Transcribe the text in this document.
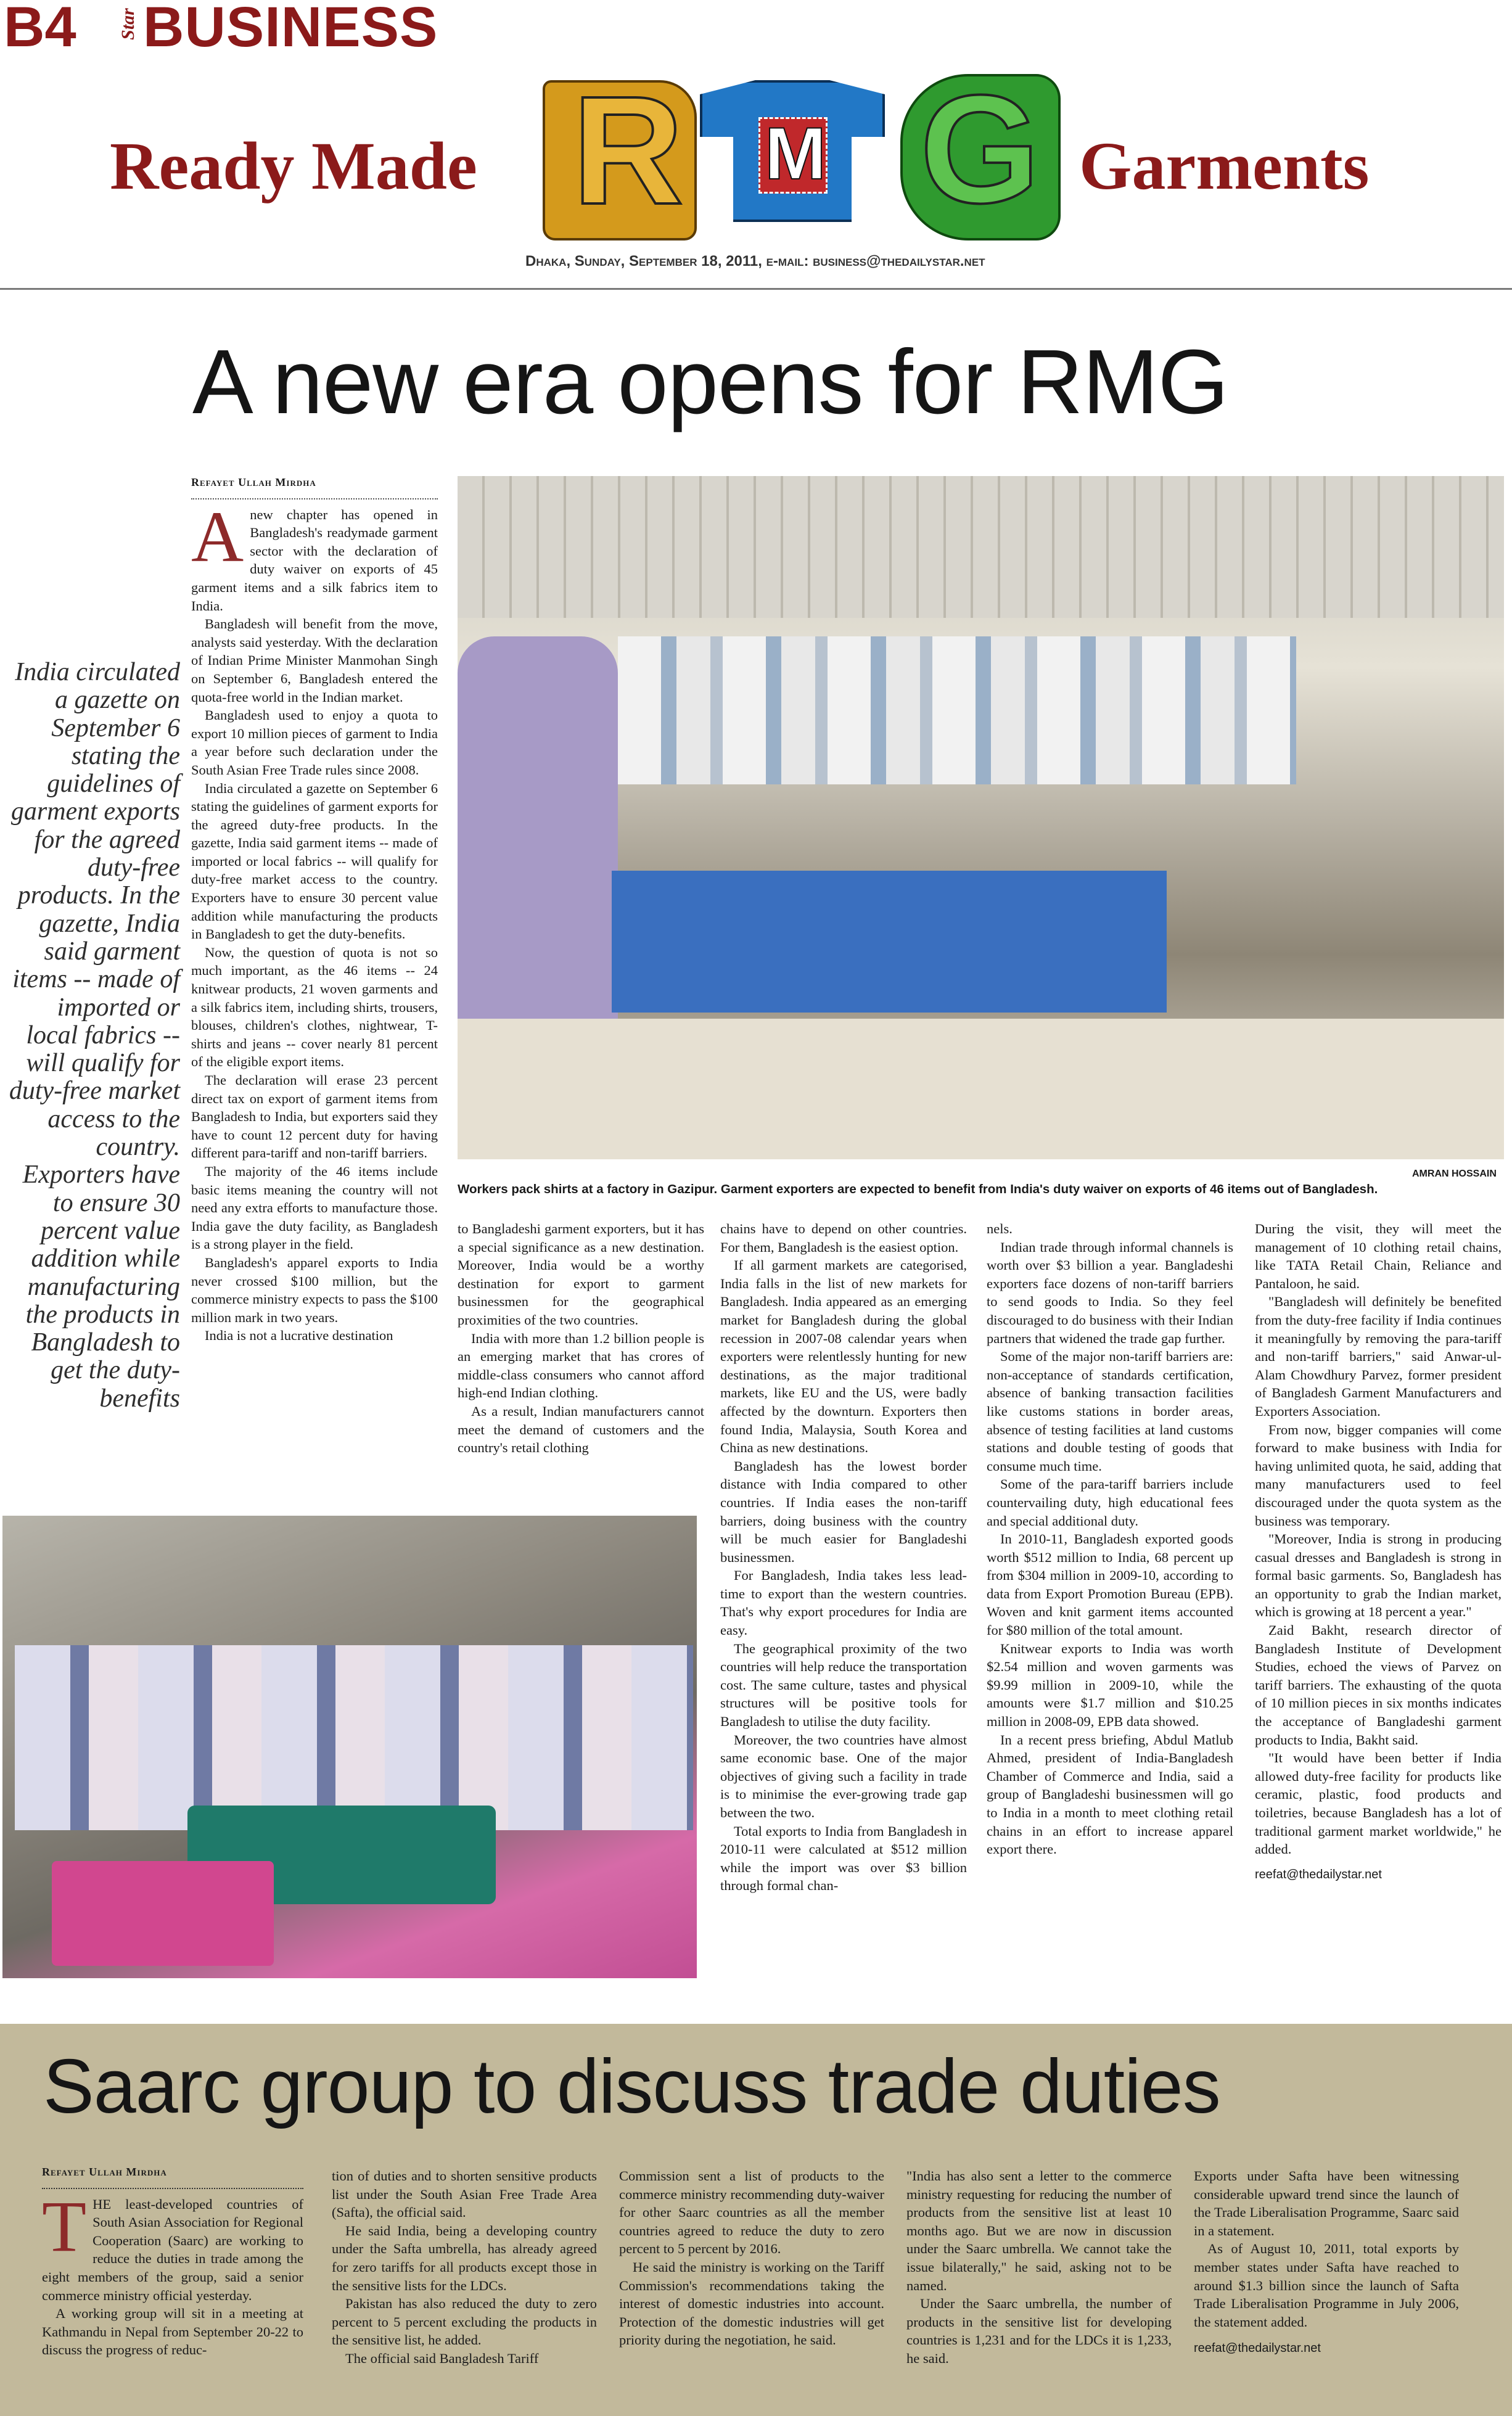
B4 Star BUSINESS
Ready Made	Garments
R M G
Dhaka, Sunday, September 18, 2011, e-mail: business@thedailystar.net
A new era opens for RMG
Refayet Ullah Mirdha

Anew chapter has opened in Bangladesh's readymade garment sector with the declaration of duty waiver on exports of 45 garment items and a silk fabrics item to India.

Bangladesh will benefit from the move, analysts said yesterday. With the declaration of Indian Prime Minister Manmohan Singh on September 6, Bangladesh entered the quota-free world in the Indian market.

Bangladesh used to enjoy a quota to export 10 million pieces of garment to India a year before such declaration under the South Asian Free Trade rules since 2008.

India circulated a gazette on September 6 stating the guidelines of garment exports for the agreed duty-free products. In the gazette, India said garment items -- made of imported or local fabrics -- will qualify for duty-free market access to the country. Exporters have to ensure 30 percent value addition while manufacturing the products in Bangladesh to get the duty-benefits.

Now, the question of quota is not so much important, as the 46 items -- 24 knitwear products, 21 woven garments and a silk fabrics item, including shirts, trousers, blouses, children's clothes, nightwear, T-shirts and jeans -- cover nearly 81 percent of the eligible export items.

The declaration will erase 23 percent direct tax on export of garment items from Bangladesh to India, but exporters said they have to count 12 percent duty for having different para-tariff and non-tariff barriers.

The majority of the 46 items include basic items meaning the country will not need any extra efforts to manufacture those. India gave the duty facility, as Bangladesh is a strong player in the field.

Bangladesh's apparel exports to India never crossed $100 million, but the commerce ministry expects to pass the $100 million mark in two years.

India is not a lucrative destination

India circulated a gazette on September 6 stating the guidelines of garment exports for the agreed duty-free products. In the gazette, India said garment items -- made of imported or local fabrics -- will qualify for duty-free market access to the country. Exporters have to ensure 30 percent value addition while manufacturing the products in Bangladesh to get the duty-benefits
AMRAN HOSSAIN
Workers pack shirts at a factory in Gazipur. Garment exporters are expected to benefit from India's duty waiver on exports of 46 items out of Bangladesh.

to Bangladeshi garment exporters, but it has a special significance as a new destination. Moreover, India would be a worthy destination for export to garment businessmen for the geographical proximities of the two countries.

India with more than 1.2 billion people is an emerging market that has crores of middle-class consumers who cannot afford high-end Indian clothing.

As a result, Indian manufacturers cannot meet the demand of customers and the country's retail clothing

chains have to depend on other countries. For them, Bangladesh is the easiest option.

If all garment markets are categorised, India falls in the list of new markets for Bangladesh. India appeared as an emerging market for Bangladesh during the global recession in 2007-08 calendar years when exporters were relentlessly hunting for new destinations, as the major traditional markets, like EU and the US, were badly affected by the downturn. Exporters then found India, Malaysia, South Korea and China as new destinations.

Bangladesh has the lowest border distance with India compared to other countries. If India eases the non-tariff barriers, doing business with the country will be much easier for Bangladeshi businessmen.

For Bangladesh, India takes less lead-time to export than the western countries. That's why export procedures for India are easy.

The geographical proximity of the two countries will help reduce the transportation cost. The same culture, tastes and physical structures will be positive tools for Bangladesh to utilise the duty facility.

Moreover, the two countries have almost same economic base. One of the major objectives of giving such a facility in trade is to minimise the ever-growing trade gap between the two.

Total exports to India from Bangladesh in 2010-11 were calculated at $512 million while the import was over $3 billion through formal chan-

nels.

Indian trade through informal channels is worth over $3 billion a year. Bangladeshi exporters face dozens of non-tariff barriers to send goods to India. So they feel discouraged to do business with their Indian partners that widened the trade gap further.

Some of the major non-tariff barriers are: non-acceptance of standards certification, absence of banking transaction facilities like customs stations in border areas, absence of testing facilities at land customs stations and double testing of goods that consume much time.

Some of the para-tariff barriers include countervailing duty, high educational fees and special additional duty.

In 2010-11, Bangladesh exported goods worth $512 million to India, 68 percent up from $304 million in 2009-10, according to data from Export Promotion Bureau (EPB). Woven and knit garment items accounted for $80 million of the total amount.

Knitwear exports to India was worth $2.54 million and woven garments was $9.99 million in 2009-10, while the amounts were $1.7 million and $10.25 million in 2008-09, EPB data showed.

In a recent press briefing, Abdul Matlub Ahmed, president of India-Bangladesh Chamber of Commerce and India, said a group of Bangladeshi businessmen will go to India in a month to meet clothing retail chains in an effort to increase apparel export there.

During the visit, they will meet the management of 10 clothing retail chains, like TATA Retail Chain, Reliance and Pantaloon, he said.

"Bangladesh will definitely be benefited from the duty-free facility if India continues it meaningfully by removing the para-tariff and non-tariff barriers," said Anwar-ul-Alam Chowdhury Parvez, former president of Bangladesh Garment Manufacturers and Exporters Association.

From now, bigger companies will come forward to make business with India for having unlimited quota, he said, adding that many manufacturers used to feel discouraged under the quota system as the business was temporary.

"Moreover, India is strong in producing casual dresses and Bangladesh is strong in formal basic garments. So, Bangladesh has an opportunity to grab the Indian market, which is growing at 18 percent a year."

Zaid Bakht, research director of Bangladesh Institute of Development Studies, echoed the views of Parvez on tariff barriers. The exhausting of the quota of 10 million pieces in six months indicates the acceptance of Bangladeshi garment products to India, Bakht said.

"It would have been better if India allowed duty-free facility for products like ceramic, plastic, food products and toiletries, because Bangladesh has a lot of traditional garment market worldwide," he added.

reefat@thedailystar.net

Saarc group to discuss trade duties
Refayet Ullah Mirdha

THE least-developed countries of South Asian Association for Regional Cooperation (Saarc) are working to reduce the duties in trade among the eight members of the group, said a senior commerce ministry official yesterday.

A working group will sit in a meeting at Kathmandu in Nepal from September 20-22 to discuss the progress of reduc-

tion of duties and to shorten sensitive products list under the South Asian Free Trade Area (Safta), the official said.

He said India, being a developing country under the Safta umbrella, has already agreed for zero tariffs for all products except those in the sensitive lists for the LDCs.

Pakistan has also reduced the duty to zero percent to 5 percent excluding the products in the sensitive list, he added.

The official said Bangladesh Tariff

Commission sent a list of products to the commerce ministry recommending duty-waiver for other Saarc countries as all the member countries agreed to reduce the duty to zero percent to 5 percent by 2016.

He said the ministry is working on the Tariff Commission's recommendations taking the interest of domestic industries into account. Protection of the domestic industries will get priority during the negotiation, he said.

"India has also sent a letter to the commerce ministry requesting for reducing the number of products from the sensitive list at least 10 months ago. But we are now in discussion under the Saarc umbrella. We cannot take the issue bilaterally," he said, asking not to be named.

Under the Saarc umbrella, the number of products in the sensitive list for developing countries is 1,231 and for the LDCs it is 1,233, he said.

Exports under Safta have been witnessing considerable upward trend since the launch of the Trade Liberalisation Programme, Saarc said in a statement.

As of August 10, 2011, total exports by member states under Safta have reached to around $1.3 billion since the launch of Safta Trade Liberalisation Programme in July 2006, the statement added.

reefat@thedailystar.net
